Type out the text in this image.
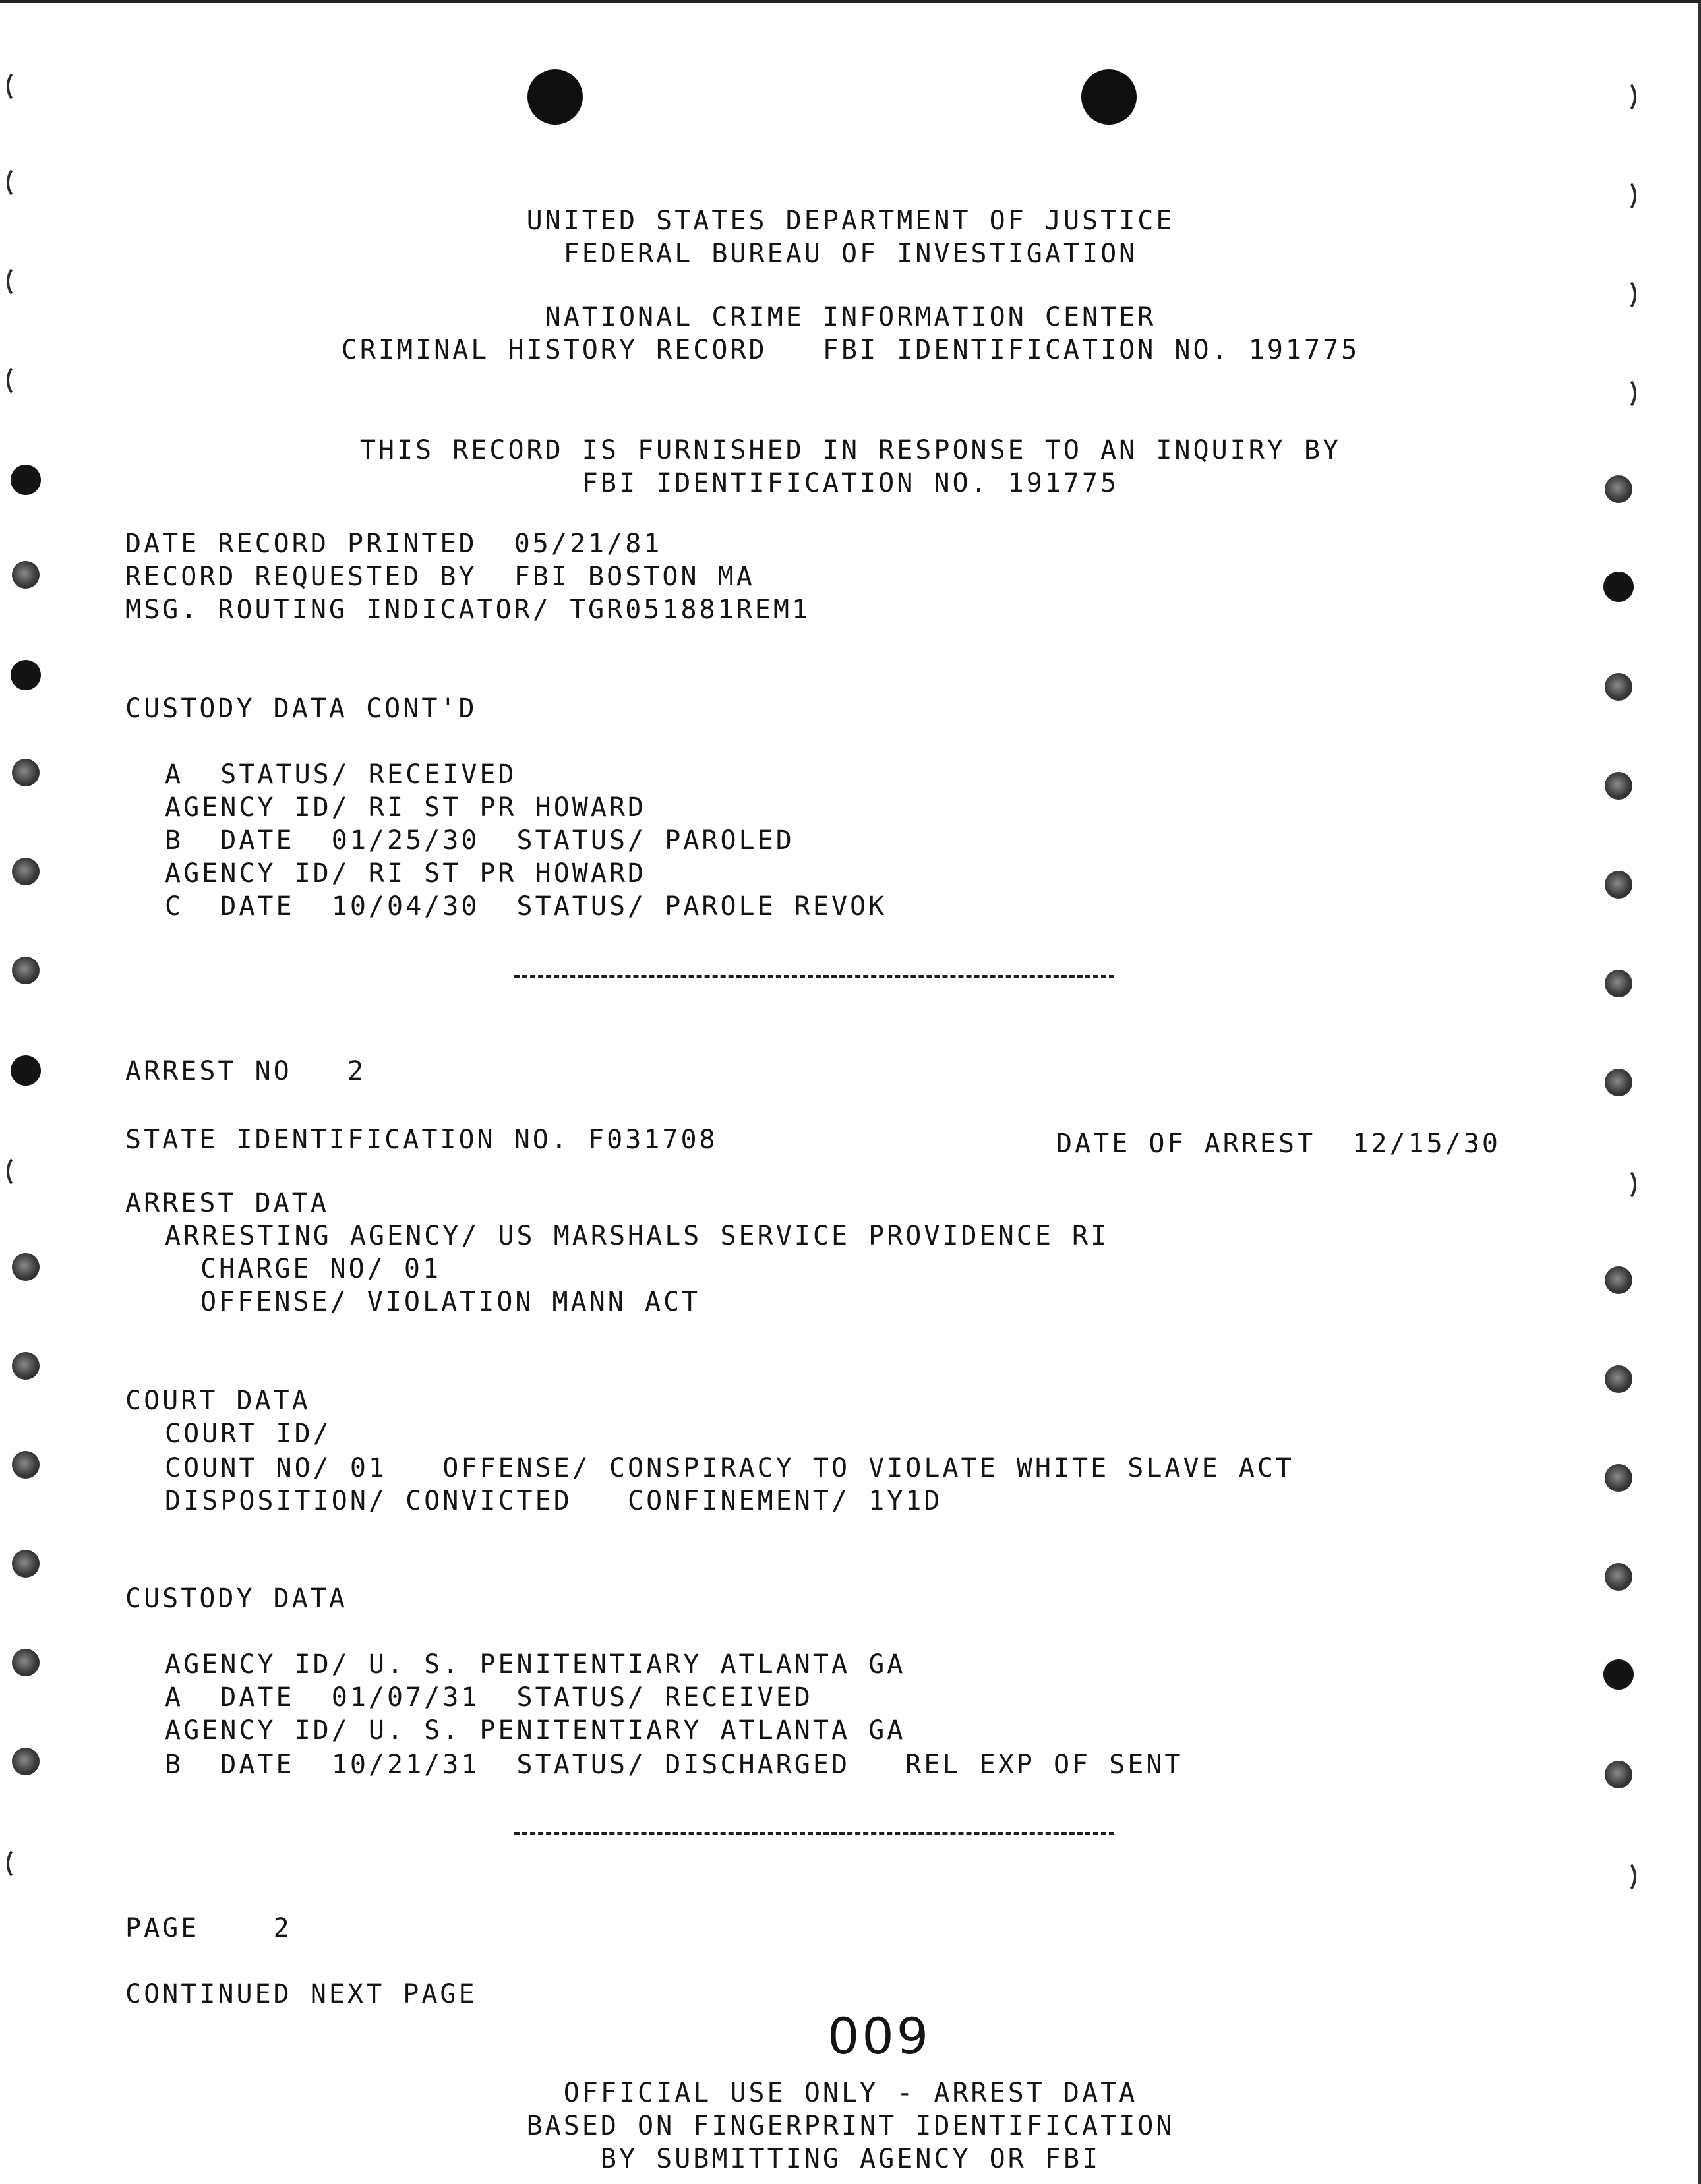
UNITED STATES DEPARTMENT OF JUSTICE
FEDERAL BUREAU OF INVESTIGATION
NATIONAL CRIME INFORMATION CENTER
CRIMINAL HISTORY RECORD   FBI IDENTIFICATION NO. 191775
THIS RECORD IS FURNISHED IN RESPONSE TO AN INQUIRY BY
FBI IDENTIFICATION NO. 191775
DATE RECORD PRINTED  05/21/81
RECORD REQUESTED BY  FBI BOSTON MA
MSG. ROUTING INDICATOR/ TGR051881REM1
CUSTODY DATA CONT'D
A  STATUS/ RECEIVED
AGENCY ID/ RI ST PR HOWARD
B  DATE  01/25/30  STATUS/ PAROLED
AGENCY ID/ RI ST PR HOWARD
C  DATE  10/04/30  STATUS/ PAROLE REVOK
ARREST NO   2
STATE IDENTIFICATION NO. F031708	DATE OF ARREST  12/15/30
ARREST DATA
ARRESTING AGENCY/ US MARSHALS SERVICE PROVIDENCE RI
CHARGE NO/ 01
OFFENSE/ VIOLATION MANN ACT
COURT DATA
COURT ID/
COUNT NO/ 01   OFFENSE/ CONSPIRACY TO VIOLATE WHITE SLAVE ACT
DISPOSITION/ CONVICTED   CONFINEMENT/ 1Y1D
CUSTODY DATA
AGENCY ID/ U. S. PENITENTIARY ATLANTA GA
A  DATE  01/07/31  STATUS/ RECEIVED
AGENCY ID/ U. S. PENITENTIARY ATLANTA GA
B  DATE  10/21/31  STATUS/ DISCHARGED   REL EXP OF SENT
PAGE    2
CONTINUED NEXT PAGE
009
OFFICIAL USE ONLY - ARREST DATA
BASED ON FINGERPRINT IDENTIFICATION
BY SUBMITTING AGENCY OR FBI
